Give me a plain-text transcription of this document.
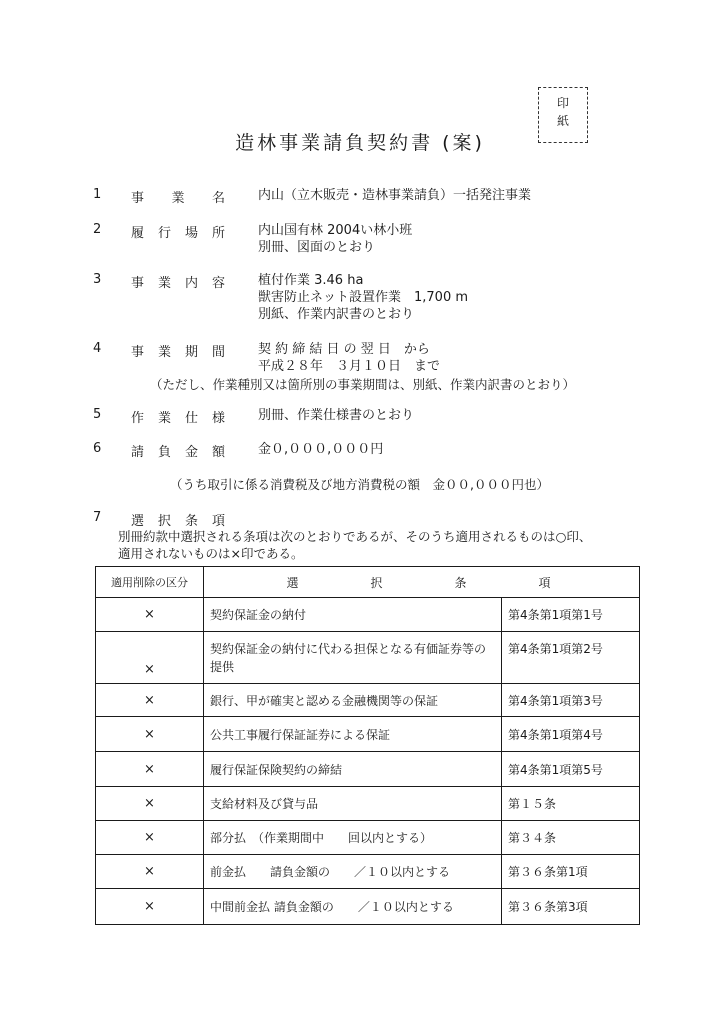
印
紙
造林事業請負契約書 (案)
1 事 業 名	内山（立木販売・造林事業請負）一括発注事業
2 履 行 場 所	内山国有林 2004い林小班
別冊、図面のとおり
3 事 業 内 容	植付作業 3.46 ha
獣害防止ネット設置作業　1,700 m
別紙、作業内訳書のとおり
4 事 業 期 間	契 約 締 結 日 の 翌 日　から
平成２８年　３月１０日　まで
（ただし、作業種別又は箇所別の事業期間は、別紙、作業内訳書のとおり）
5 作 業 仕 様	別冊、作業仕様書のとおり
6 請 負 金 額	金０,０００,０００円
（うち取引に係る消費税及び地方消費税の額　金００,０００円也）
7 選 択 条 項
別冊約款中選択される条項は次のとおりであるが、そのうち適用されるものは○印、
適用されないものは×印である。
適用削除の区分	選　択　条　項	
×	契約保証金の納付	第4条第1項第1号
×	契約保証金の納付に代わる担保となる有価証券等の提供	第4条第1項第2号
×	銀行、甲が確実と認める金融機関等の保証	第4条第1項第3号
×	公共工事履行保証証券による保証	第4条第1項第4号
×	履行保証保険契約の締結	第4条第1項第5号
×	支給材料及び貸与品	第１５条
×	部分払　（作業期間中　　回以内とする）	第３４条
×	前金払　　請負金額の　　／１０以内とする	第３６条第1項
×	中間前金払 請負金額の　　／１０以内とする	第３６条第3項
